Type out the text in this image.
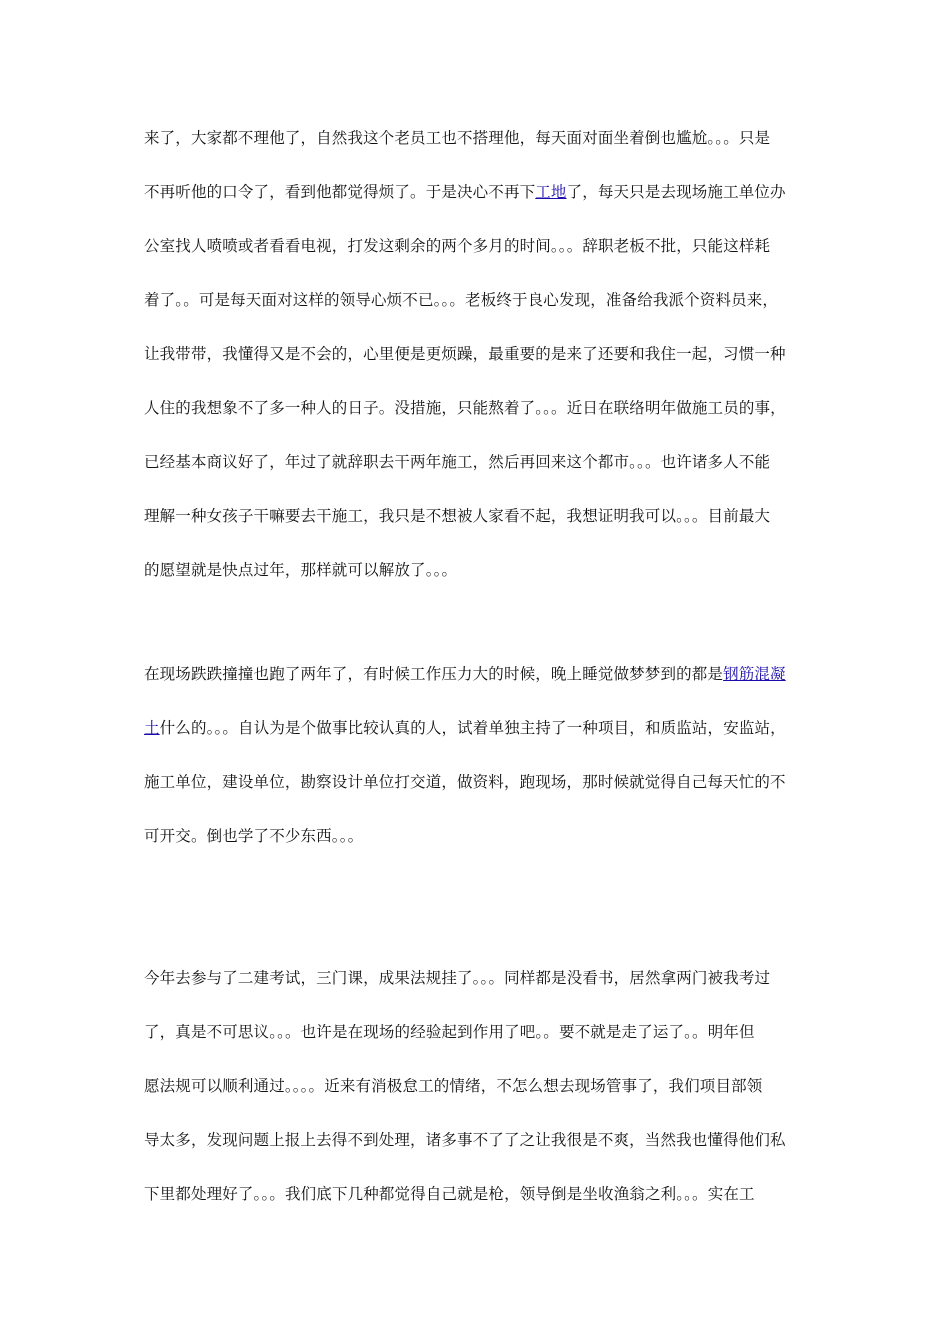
来了，大家都不理他了，自然我这个老员工也不搭理他，每天面对面坐着倒也尴尬。。。只是
不再听他的口令了，看到他都觉得烦了。于是决心不再下工地了，每天只是去现场施工单位办
公室找人喷喷或者看看电视，打发这剩余的两个多月的时间。。。辞职老板不批，只能这样耗
着了。。可是每天面对这样的领导心烦不已。。。老板终于良心发现，准备给我派个资料员来，
让我带带，我懂得又是不会的，心里便是更烦躁，最重要的是来了还要和我住一起，习惯一种
人住的我想象不了多一种人的日子。没措施，只能熬着了。。。近日在联络明年做施工员的事，
已经基本商议好了，年过了就辞职去干两年施工，然后再回来这个都市。。。也许诸多人不能
理解一种女孩子干嘛要去干施工，我只是不想被人家看不起，我想证明我可以。。。目前最大
的愿望就是快点过年，那样就可以解放了。。。
在现场跌跌撞撞也跑了两年了，有时候工作压力大的时候，晚上睡觉做梦梦到的都是钢筋混凝
土什么的。。。自认为是个做事比较认真的人，试着单独主持了一种项目，和质监站，安监站，
施工单位，建设单位，勘察设计单位打交道，做资料，跑现场，那时候就觉得自己每天忙的不
可开交。倒也学了不少东西。。。
今年去参与了二建考试，三门课，成果法规挂了。。。同样都是没看书，居然拿两门被我考过
了，真是不可思议。。。也许是在现场的经验起到作用了吧。。要不就是走了运了。。明年但
愿法规可以顺利通过。。。。近来有消极怠工的情绪，不怎么想去现场管事了，我们项目部领
导太多，发现问题上报上去得不到处理，诸多事不了了之让我很是不爽，当然我也懂得他们私
下里都处理好了。。。我们底下几种都觉得自己就是枪，领导倒是坐收渔翁之利。。。实在工
